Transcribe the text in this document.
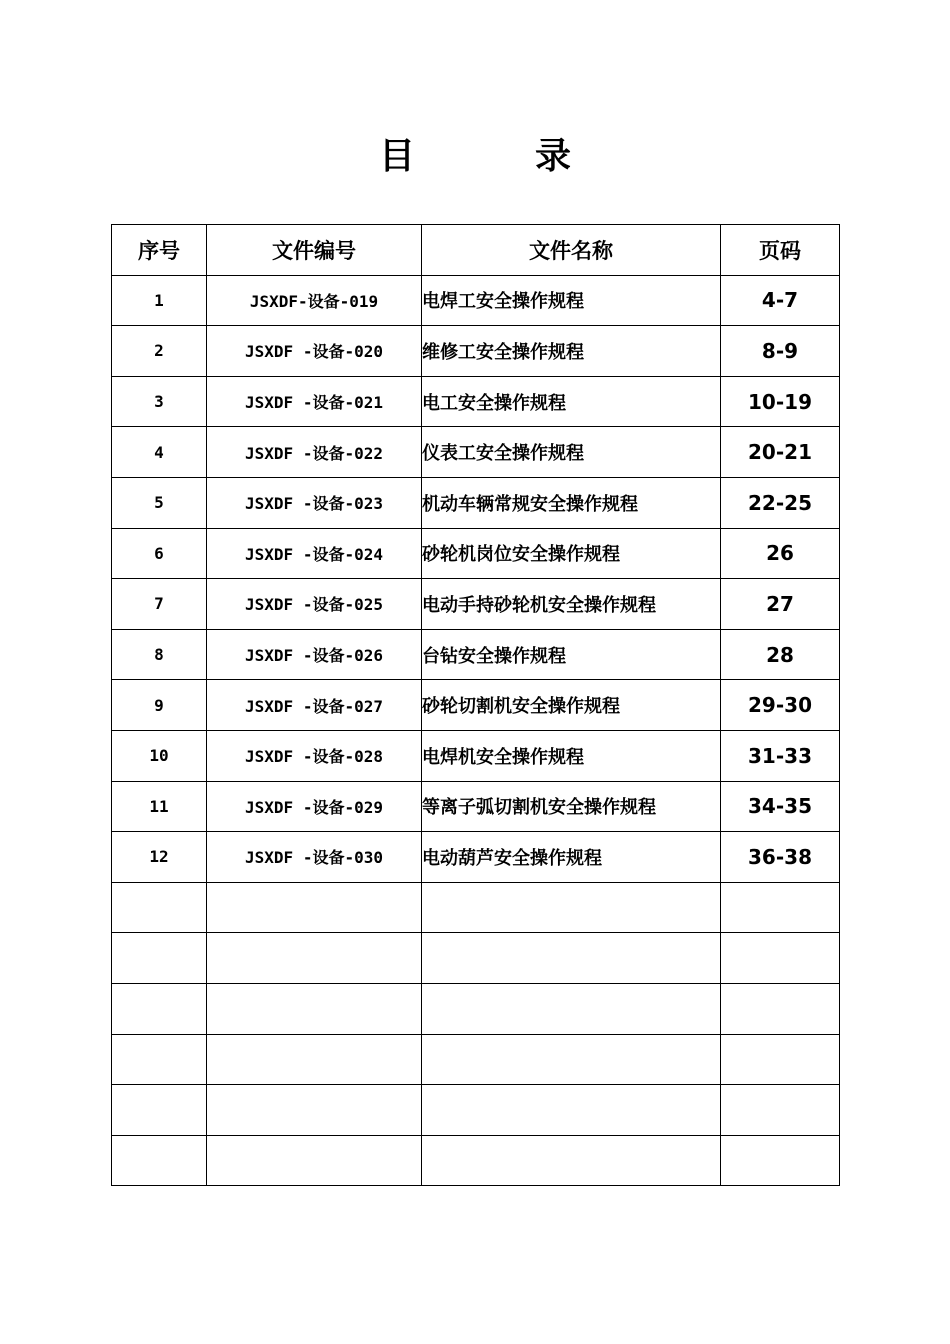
目	录
序号	文件编号	文件名称	页码
1	JSXDF-设备-019	电焊工安全操作规程	4-7
2	JSXDF -设备-020	维修工安全操作规程	8-9
3	JSXDF -设备-021	电工安全操作规程	10-19
4	JSXDF -设备-022	仪表工安全操作规程	20-21
5	JSXDF -设备-023	机动车辆常规安全操作规程	22-25
6	JSXDF -设备-024	砂轮机岗位安全操作规程	26
7	JSXDF -设备-025	电动手持砂轮机安全操作规程	27
8	JSXDF -设备-026	台钻安全操作规程	28
9	JSXDF -设备-027	砂轮切割机安全操作规程	29-30
10	JSXDF -设备-028	电焊机安全操作规程	31-33
11	JSXDF -设备-029	等离子弧切割机安全操作规程	34-35
12	JSXDF -设备-030	电动葫芦安全操作规程	36-38
